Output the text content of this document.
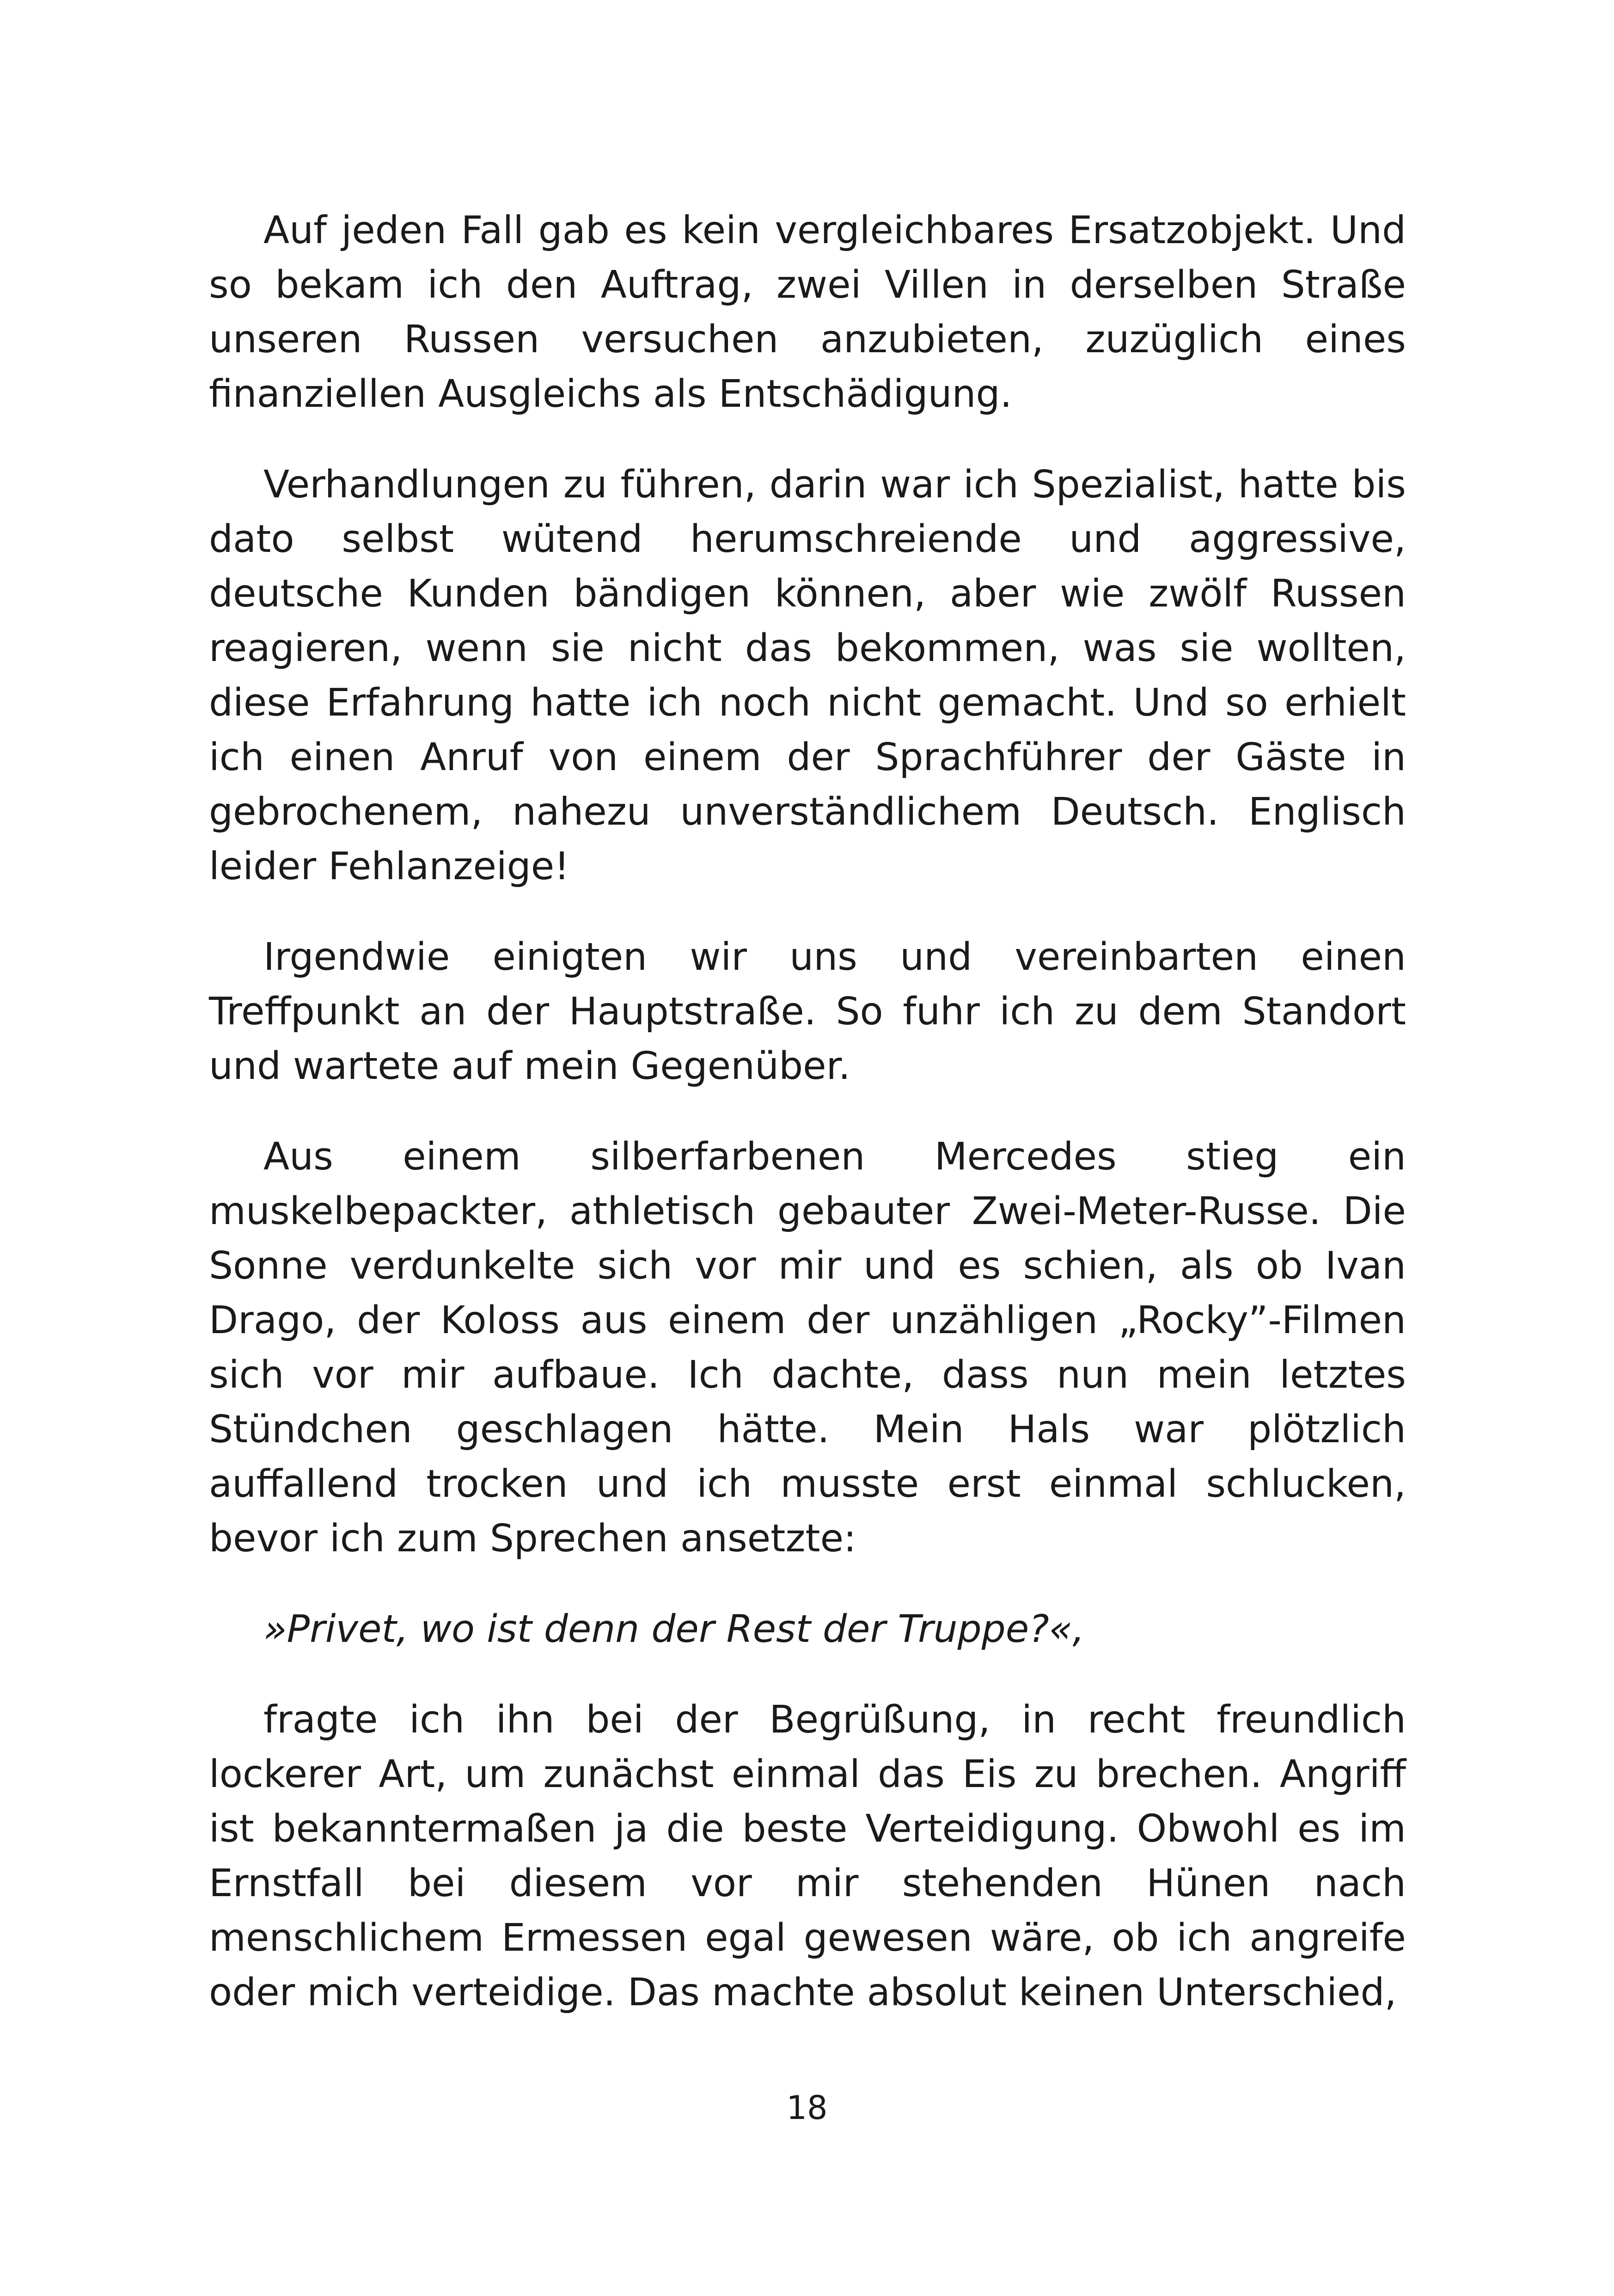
Auf jeden Fall gab es kein vergleichbares Ersatzobjekt. Und so bekam ich den Auftrag, zwei Villen in derselben Straße unseren Russen versuchen anzubieten, zuzüglich eines finanziellen Ausgleichs als Entschädigung.

Verhandlungen zu führen, darin war ich Spezialist, hatte bis dato selbst wütend herumschreiende und aggressive, deutsche Kunden bändigen können, aber wie zwölf Russen reagieren, wenn sie nicht das bekommen, was sie wollten, diese Erfahrung hatte ich noch nicht gemacht. Und so erhielt ich einen Anruf von einem der Sprachführer der Gäste in gebrochenem, nahezu unverständlichem Deutsch. Englisch leider Fehlanzeige!

Irgendwie einigten wir uns und vereinbarten einen Treffpunkt an der Hauptstraße. So fuhr ich zu dem Standort und wartete auf mein Gegenüber.

Aus einem silberfarbenen Mercedes stieg ein muskelbepackter, athletisch gebauter Zwei-Meter-Russe. Die Sonne verdunkelte sich vor mir und es schien, als ob Ivan Drago, der Koloss aus einem der unzähligen „Rocky”-Filmen sich vor mir aufbaue. Ich dachte, dass nun mein letztes Stündchen geschlagen hätte. Mein Hals war plötzlich auffallend trocken und ich musste erst einmal schlucken, bevor ich zum Sprechen ansetzte:

»Privet, wo ist denn der Rest der Truppe?«,

fragte ich ihn bei der Begrüßung, in recht freundlich lockerer Art, um zunächst einmal das Eis zu brechen. Angriff ist bekanntermaßen ja die beste Verteidigung. Obwohl es im Ernstfall bei diesem vor mir stehenden Hünen nach menschlichem Ermessen egal gewesen wäre, ob ich angreife oder mich verteidige. Das machte absolut keinen Unterschied,

18
